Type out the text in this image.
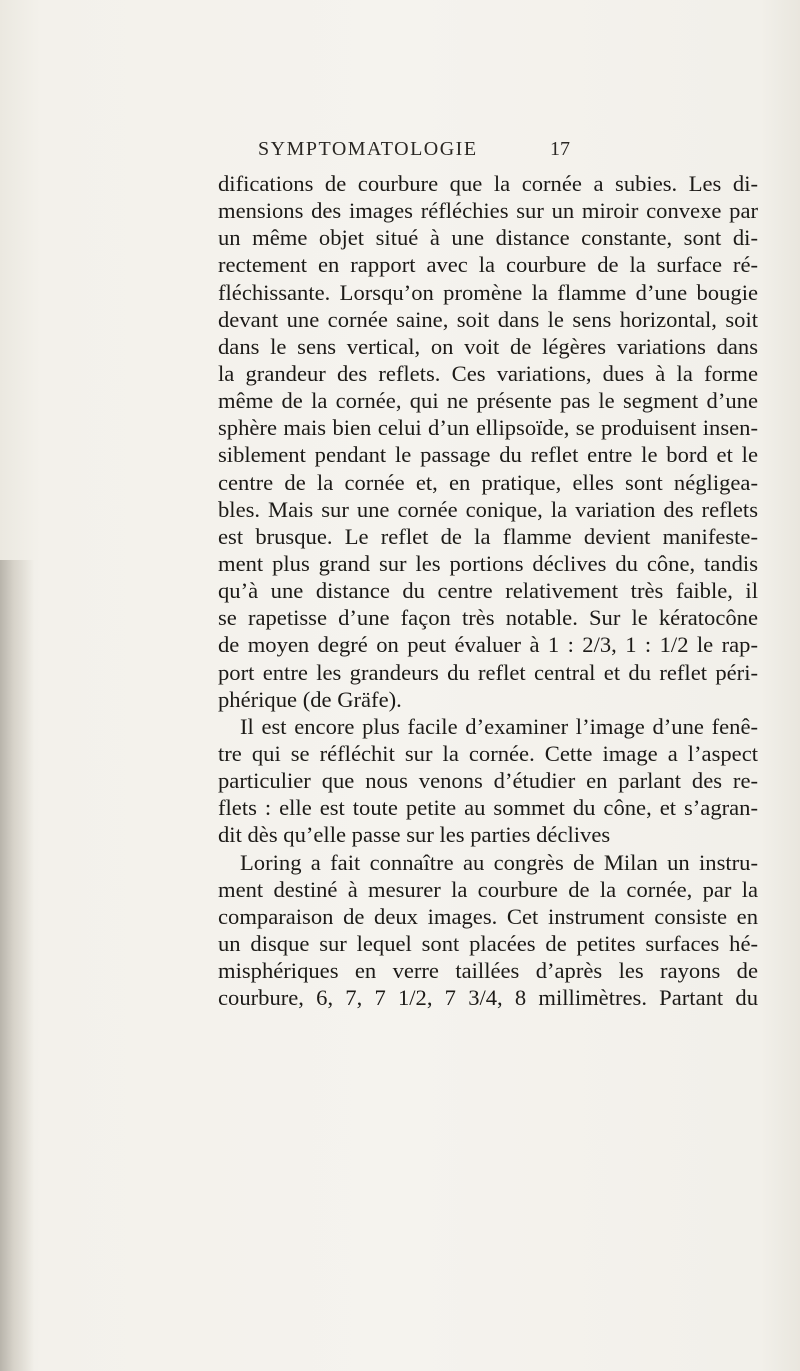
SYMPTOMATOLOGIE	17
difications de courbure que la cornée a subies. Les di-
mensions des images réfléchies sur un miroir convexe par
un même objet situé à une distance constante, sont di-
rectement en rapport avec la courbure de la surface ré-
fléchissante. Lorsqu’on promène la flamme d’une bougie
devant une cornée saine, soit dans le sens horizontal, soit
dans le sens vertical, on voit de légères variations dans
la grandeur des reflets. Ces variations, dues à la forme
même de la cornée, qui ne présente pas le segment d’une
sphère mais bien celui d’un ellipsoïde, se produisent insen-
siblement pendant le passage du reflet entre le bord et le
centre de la cornée et, en pratique, elles sont négligea-
bles. Mais sur une cornée conique, la variation des reflets
est brusque. Le reflet de la flamme devient manifeste-
ment plus grand sur les portions déclives du cône, tandis
qu’à une distance du centre relativement très faible, il
se rapetisse d’une façon très notable. Sur le kératocône
de moyen degré on peut évaluer à 1 : 2/3, 1 : 1/2 le rap-
port entre les grandeurs du reflet central et du reflet péri-
phérique (de Gräfe).
Il est encore plus facile d’examiner l’image d’une fenê-
tre qui se réfléchit sur la cornée. Cette image a l’aspect
particulier que nous venons d’étudier en parlant des re-
flets : elle est toute petite au sommet du cône, et s’agran-
dit dès qu’elle passe sur les parties déclives
Loring a fait connaître au congrès de Milan un instru-
ment destiné à mesurer la courbure de la cornée, par la
comparaison de deux images. Cet instrument consiste en
un disque sur lequel sont placées de petites surfaces hé-
misphériques en verre taillées d’après les rayons de
courbure, 6, 7, 7 1/2, 7 3/4, 8 millimètres. Partant du
